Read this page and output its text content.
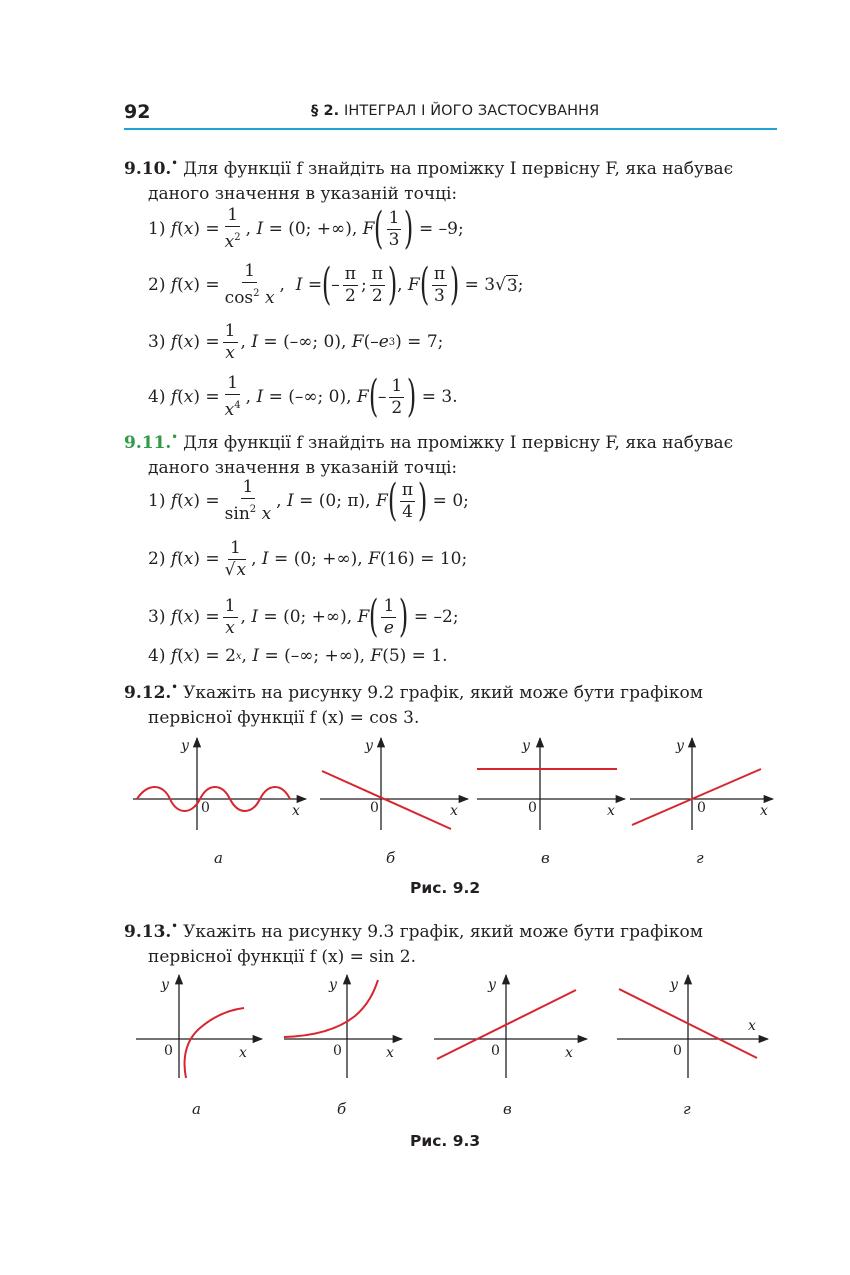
92	§ 2. ІНТЕГРАЛ І ЙОГО ЗАСТОСУВАННЯ
9.10.• Для функції f знайдіть на проміжку I первісну F, яка набуває
даного значення в указаній точці:
1) f ( x ) = $\frac{1}{x^2}$ , I = (0; +∞), F ( $\frac{1}{3}$ ) = –9;
2) f ( x ) = $\frac{1}{\cos^2 x}$ , I = ( – $\frac{\pi}{2}$ ; $\frac{\pi}{2}$ ) , F ( $\frac{\pi}{3}$ ) = 3√ 3 ;
3) f ( x ) = $\frac{1}{x}$ , I = (–∞; 0), F (– e 3 ) = 7;
4) f ( x ) = $\frac{1}{x^4}$ , I = (–∞; 0), F ( – $\frac{1}{2}$ ) = 3.
9.11.• Для функції f знайдіть на проміжку I первісну F, яка набуває
даного значення в указаній точці:
1) f ( x ) = $\frac{1}{\sin^2 x}$ , I = (0; π), F ( $\frac{\pi}{4}$ ) = 0;
2) f ( x ) = $\frac{1}{√x}$ , I = (0; +∞), F (16) = 10;
3) f ( x ) = $\frac{1}{x}$ , I = (0; +∞), F ( $\frac{1}{e}$ ) = –2;
4) f ( x ) = 2 x , I = (–∞; +∞), F (5) = 1.
9.12.• Укажіть на рисунку 9.2 графік, який може бути графіком
первісної функції f (x) = cos 3.
9.13.• Укажіть на рисунку 9.3 графік, який може бути графіком
первісної функції f (x) = sin 2.
y
0	x
y
0	x
y
0	x
y
0	x
y
0	x
y
0	x
y
0	x
y
0
x
а	б	в	г
Рис. 9.2
а	б	в	г
Рис. 9.3
